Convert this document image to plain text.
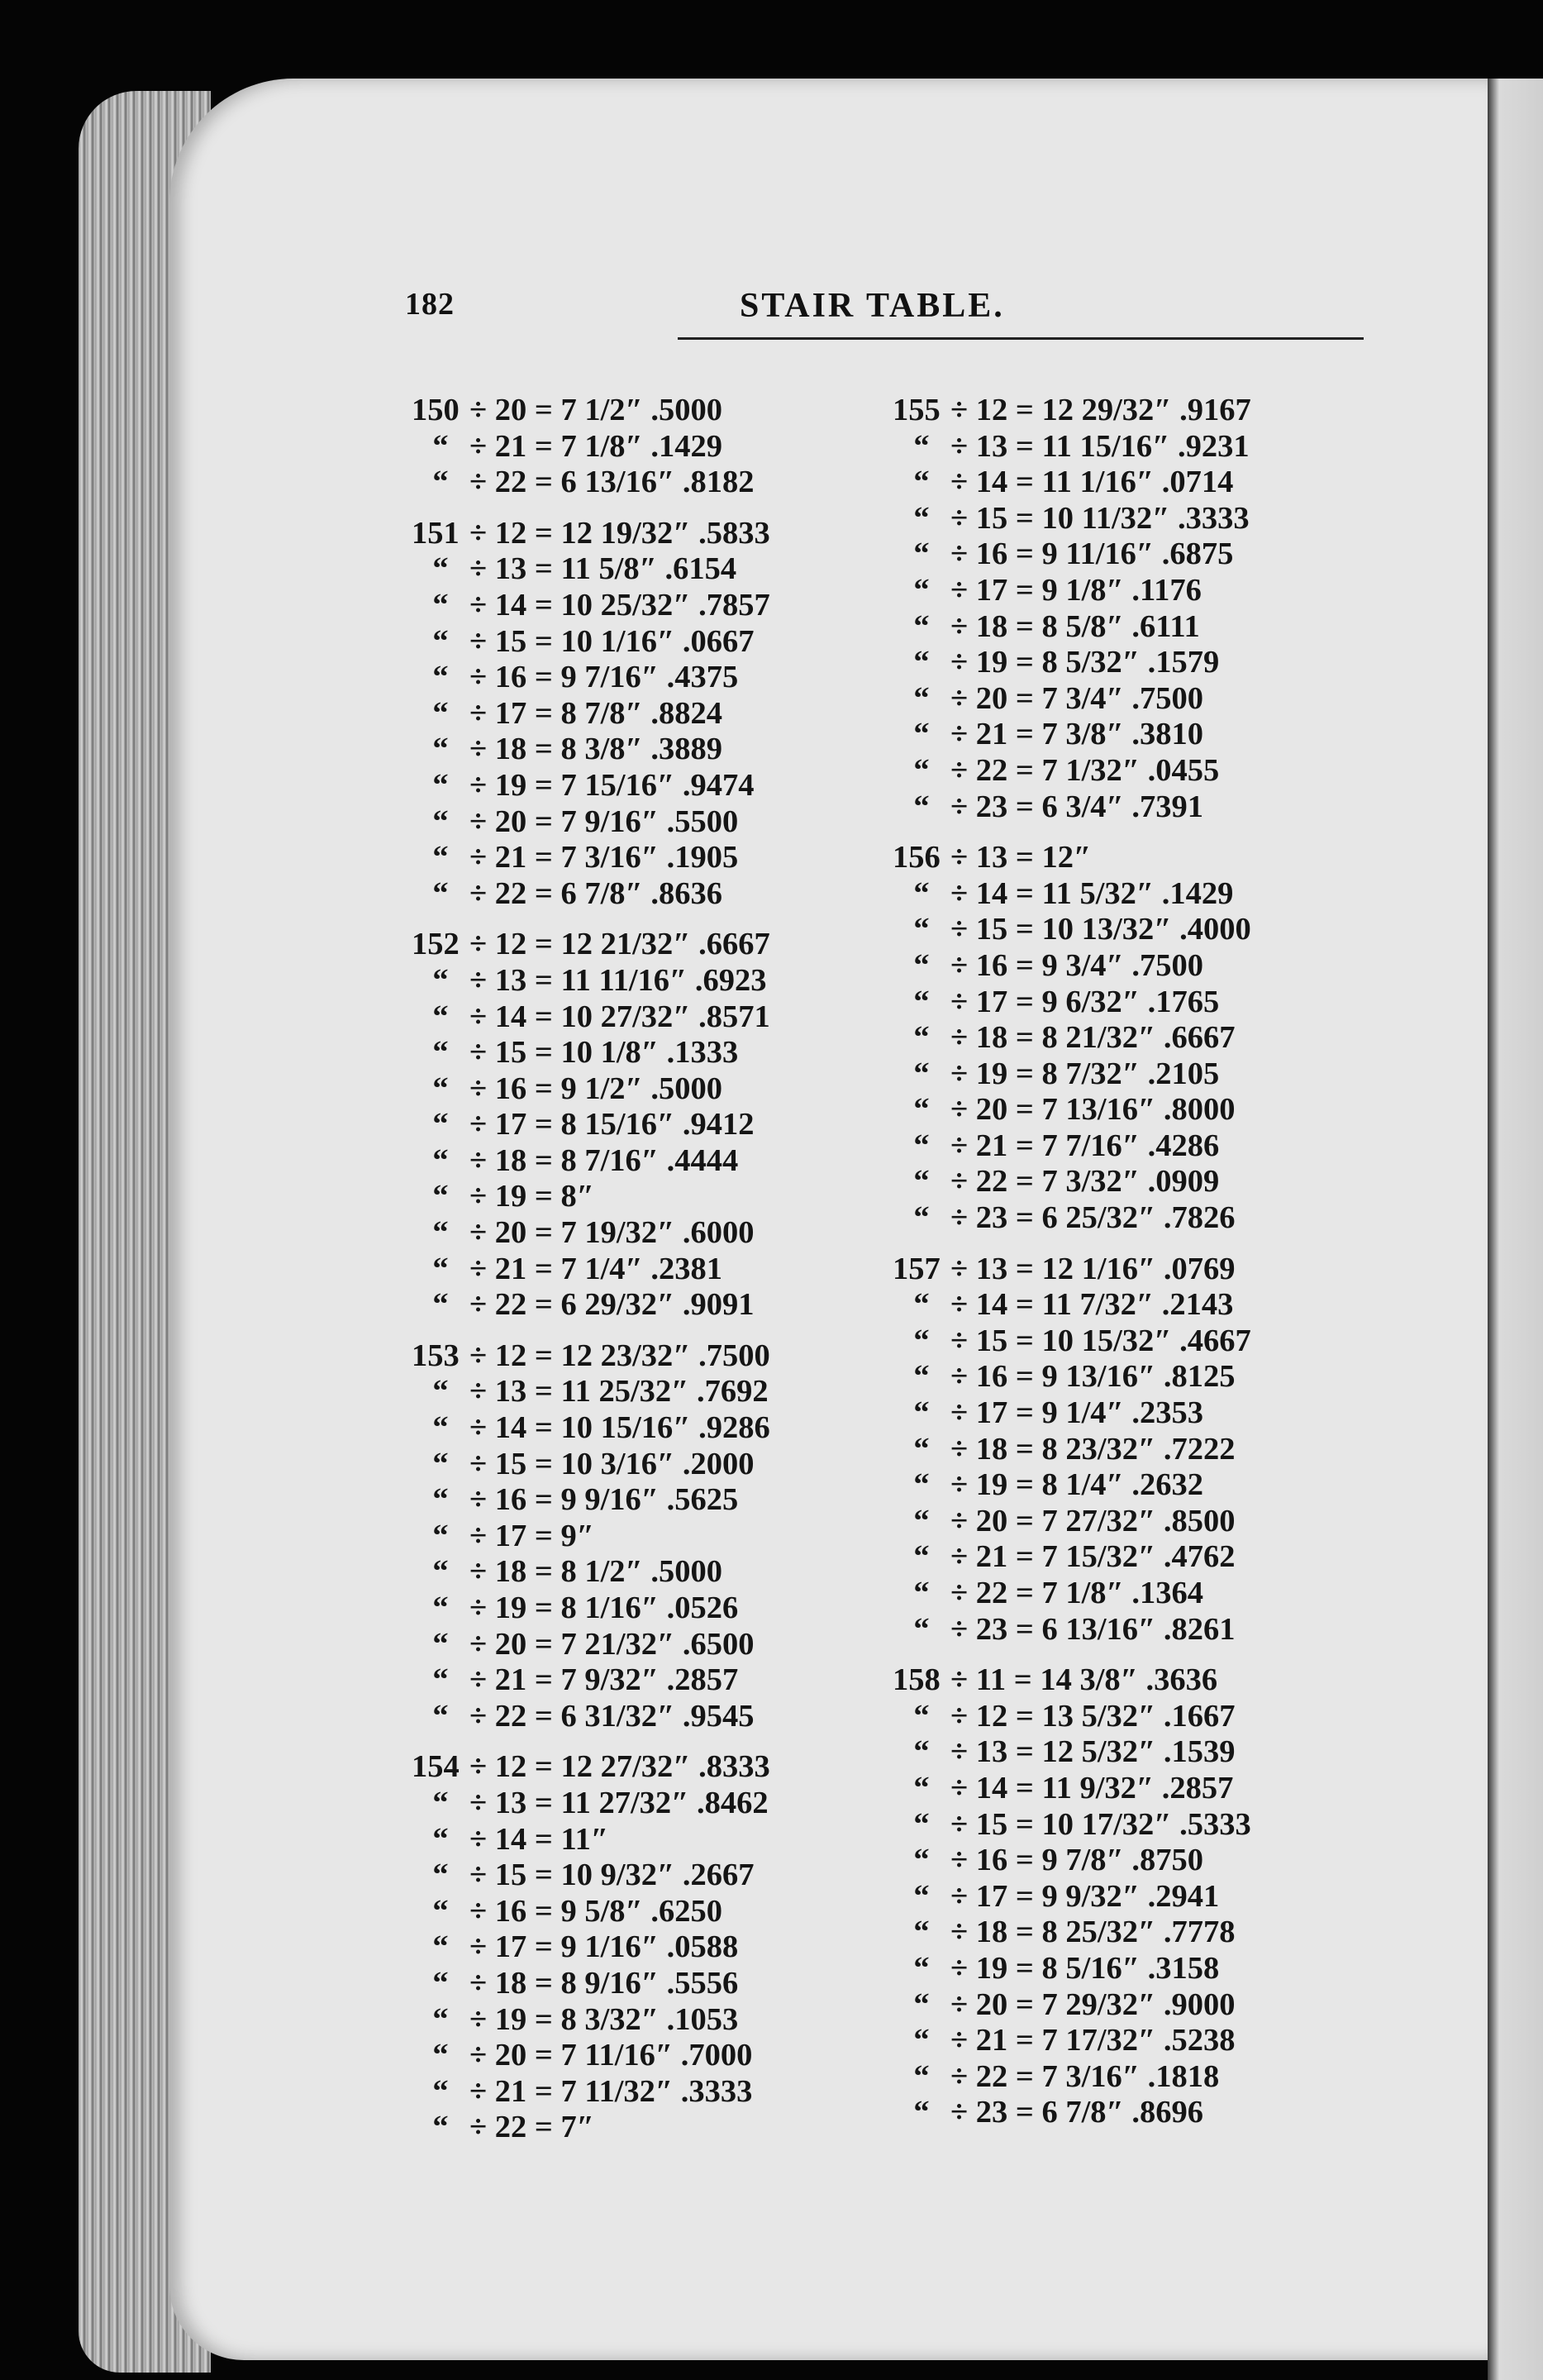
182	STAIR TABLE.
150 ÷ 20 = 7 1/2″ .5000
“ ÷ 21 = 7 1/8″ .1429
“ ÷ 22 = 6 13/16″ .8182
151 ÷ 12 = 12 19/32″ .5833
“ ÷ 13 = 11 5/8″ .6154
“ ÷ 14 = 10 25/32″ .7857
“ ÷ 15 = 10 1/16″ .0667
“ ÷ 16 = 9 7/16″ .4375
“ ÷ 17 = 8 7/8″ .8824
“ ÷ 18 = 8 3/8″ .3889
“ ÷ 19 = 7 15/16″ .9474
“ ÷ 20 = 7 9/16″ .5500
“ ÷ 21 = 7 3/16″ .1905
“ ÷ 22 = 6 7/8″ .8636
152 ÷ 12 = 12 21/32″ .6667
“ ÷ 13 = 11 11/16″ .6923
“ ÷ 14 = 10 27/32″ .8571
“ ÷ 15 = 10 1/8″ .1333
“ ÷ 16 = 9 1/2″ .5000
“ ÷ 17 = 8 15/16″ .9412
“ ÷ 18 = 8 7/16″ .4444
“ ÷ 19 = 8″
“ ÷ 20 = 7 19/32″ .6000
“ ÷ 21 = 7 1/4″ .2381
“ ÷ 22 = 6 29/32″ .9091
153 ÷ 12 = 12 23/32″ .7500
“ ÷ 13 = 11 25/32″ .7692
“ ÷ 14 = 10 15/16″ .9286
“ ÷ 15 = 10 3/16″ .2000
“ ÷ 16 = 9 9/16″ .5625
“ ÷ 17 = 9″
“ ÷ 18 = 8 1/2″ .5000
“ ÷ 19 = 8 1/16″ .0526
“ ÷ 20 = 7 21/32″ .6500
“ ÷ 21 = 7 9/32″ .2857
“ ÷ 22 = 6 31/32″ .9545
154 ÷ 12 = 12 27/32″ .8333
“ ÷ 13 = 11 27/32″ .8462
“ ÷ 14 = 11″
“ ÷ 15 = 10 9/32″ .2667
“ ÷ 16 = 9 5/8″ .6250
“ ÷ 17 = 9 1/16″ .0588
“ ÷ 18 = 8 9/16″ .5556
“ ÷ 19 = 8 3/32″ .1053
“ ÷ 20 = 7 11/16″ .7000
“ ÷ 21 = 7 11/32″ .3333
“ ÷ 22 = 7″
155 ÷ 12 = 12 29/32″ .9167
“ ÷ 13 = 11 15/16″ .9231
“ ÷ 14 = 11 1/16″ .0714
“ ÷ 15 = 10 11/32″ .3333
“ ÷ 16 = 9 11/16″ .6875
“ ÷ 17 = 9 1/8″ .1176
“ ÷ 18 = 8 5/8″ .6111
“ ÷ 19 = 8 5/32″ .1579
“ ÷ 20 = 7 3/4″ .7500
“ ÷ 21 = 7 3/8″ .3810
“ ÷ 22 = 7 1/32″ .0455
“ ÷ 23 = 6 3/4″ .7391
156 ÷ 13 = 12″
“ ÷ 14 = 11 5/32″ .1429
“ ÷ 15 = 10 13/32″ .4000
“ ÷ 16 = 9 3/4″ .7500
“ ÷ 17 = 9 6/32″ .1765
“ ÷ 18 = 8 21/32″ .6667
“ ÷ 19 = 8 7/32″ .2105
“ ÷ 20 = 7 13/16″ .8000
“ ÷ 21 = 7 7/16″ .4286
“ ÷ 22 = 7 3/32″ .0909
“ ÷ 23 = 6 25/32″ .7826
157 ÷ 13 = 12 1/16″ .0769
“ ÷ 14 = 11 7/32″ .2143
“ ÷ 15 = 10 15/32″ .4667
“ ÷ 16 = 9 13/16″ .8125
“ ÷ 17 = 9 1/4″ .2353
“ ÷ 18 = 8 23/32″ .7222
“ ÷ 19 = 8 1/4″ .2632
“ ÷ 20 = 7 27/32″ .8500
“ ÷ 21 = 7 15/32″ .4762
“ ÷ 22 = 7 1/8″ .1364
“ ÷ 23 = 6 13/16″ .8261
158 ÷ 11 = 14 3/8″ .3636
“ ÷ 12 = 13 5/32″ .1667
“ ÷ 13 = 12 5/32″ .1539
“ ÷ 14 = 11 9/32″ .2857
“ ÷ 15 = 10 17/32″ .5333
“ ÷ 16 = 9 7/8″ .8750
“ ÷ 17 = 9 9/32″ .2941
“ ÷ 18 = 8 25/32″ .7778
“ ÷ 19 = 8 5/16″ .3158
“ ÷ 20 = 7 29/32″ .9000
“ ÷ 21 = 7 17/32″ .5238
“ ÷ 22 = 7 3/16″ .1818
“ ÷ 23 = 6 7/8″ .8696
